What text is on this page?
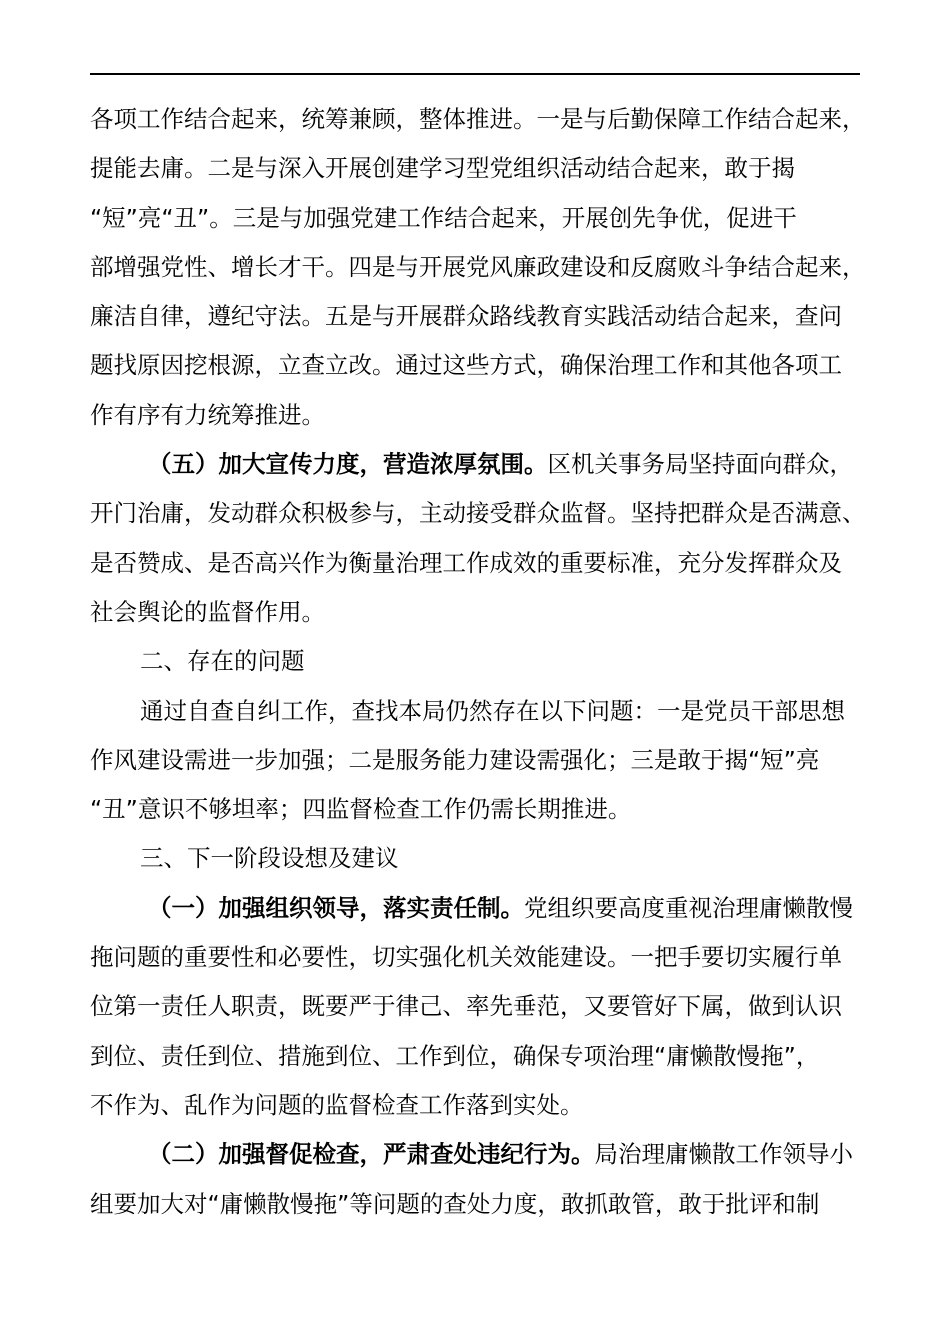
各项工作结合起来，统筹兼顾，整体推进。一是与后勤保障工作结合起来，
提能去庸。二是与深入开展创建学习型党组织活动结合起来，敢于揭
“短”亮“丑”。三是与加强党建工作结合起来，开展创先争优，促进干
部增强党性、增长才干。四是与开展党风廉政建设和反腐败斗争结合起来，
廉洁自律，遵纪守法。五是与开展群众路线教育实践活动结合起来，查问
题找原因挖根源，立查立改。通过这些方式，确保治理工作和其他各项工
作有序有力统筹推进。
（五）加大宣传力度，营造浓厚氛围。区机关事务局坚持面向群众，
开门治庸，发动群众积极参与，主动接受群众监督。坚持把群众是否满意、
是否赞成、是否高兴作为衡量治理工作成效的重要标准，充分发挥群众及
社会舆论的监督作用。
二、存在的问题
通过自查自纠工作，查找本局仍然存在以下问题：一是党员干部思想
作风建设需进一步加强；二是服务能力建设需强化；三是敢于揭“短”亮
“丑”意识不够坦率；四监督检查工作仍需长期推进。
三、下一阶段设想及建议
（一）加强组织领导，落实责任制。党组织要高度重视治理庸懒散慢
拖问题的重要性和必要性，切实强化机关效能建设。一把手要切实履行单
位第一责任人职责，既要严于律己、率先垂范，又要管好下属，做到认识
到位、责任到位、措施到位、工作到位，确保专项治理“庸懒散慢拖”，
不作为、乱作为问题的监督检查工作落到实处。
（二）加强督促检查，严肃查处违纪行为。局治理庸懒散工作领导小
组要加大对“庸懒散慢拖”等问题的查处力度，敢抓敢管，敢于批评和制
